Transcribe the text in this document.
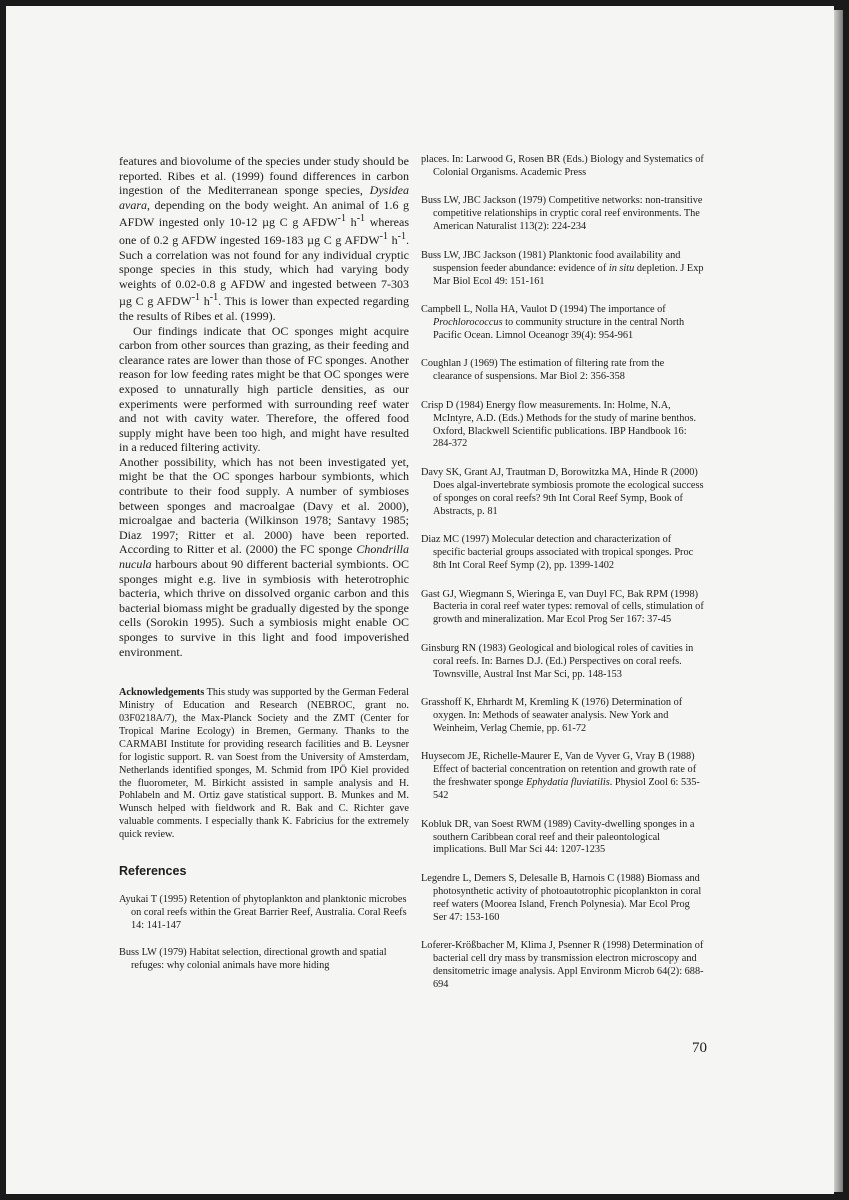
features and biovolume of the species under study should be reported. Ribes et al. (1999) found differences in carbon ingestion of the Mediterranean sponge species, Dysidea avara, depending on the body weight. An animal of 1.6 g AFDW ingested only 10-12 µg C g $AFDW^{-1}$ $h^{-1}$ whereas one of 0.2 g AFDW ingested 169-183 µg C g $AFDW^{-1}$ $h^{-1}$. Such a correlation was not found for any individual cryptic sponge species in this study, which had varying body weights of 0.02-0.8 g AFDW and ingested between 7-303 µg C g $AFDW^{-1}$ $h^{-1}$. This is lower than expected regarding the results of Ribes et al. (1999).

Our findings indicate that OC sponges might acquire carbon from other sources than grazing, as their feeding and clearance rates are lower than those of FC sponges. Another reason for low feeding rates might be that OC sponges were exposed to unnaturally high particle densities, as our experiments were performed with surrounding reef water and not with cavity water. Therefore, the offered food supply might have been too high, and might have resulted in a reduced filtering activity.

Another possibility, which has not been investigated yet, might be that the OC sponges harbour symbionts, which contribute to their food supply. A number of symbioses between sponges and macroalgae (Davy et al. 2000), microalgae and bacteria (Wilkinson 1978; Santavy 1985; Diaz 1997; Ritter et al. 2000) have been reported. According to Ritter et al. (2000) the FC sponge Chondrilla nucula harbours about 90 different bacterial symbionts. OC sponges might e.g. live in symbiosis with heterotrophic bacteria, which thrive on dissolved organic carbon and this bacterial biomass might be gradually digested by the sponge cells (Sorokin 1995). Such a symbiosis might enable OC sponges to survive in this light and food impoverished environment.

Acknowledgements This study was supported by the German Federal Ministry of Education and Research (NEBROC, grant no. 03F0218A/7), the Max-Planck Society and the ZMT (Center for Tropical Marine Ecology) in Bremen, Germany. Thanks to the CARMABI Institute for providing research facilities and B. Leysner for logistic support. R. van Soest from the University of Amsterdam, Netherlands identified sponges, M. Schmid from IPÖ Kiel provided the fluorometer, M. Birkicht assisted in sample analysis and H. Pohlabeln and M. Ortiz gave statistical support. B. Munkes and M. Wunsch helped with fieldwork and R. Bak and C. Richter gave valuable comments. I especially thank K. Fabricius for the extremely quick review.

References

Ayukai T (1995) Retention of phytoplankton and planktonic microbes on coral reefs within the Great Barrier Reef, Australia. Coral Reefs 14: 141-147

Buss LW (1979) Habitat selection, directional growth and spatial refuges: why colonial animals have more hiding

places. In: Larwood G, Rosen BR (Eds.) Biology and Systematics of Colonial Organisms. Academic Press

Buss LW, JBC Jackson (1979) Competitive networks: non-transitive competitive relationships in cryptic coral reef environments. The American Naturalist 113(2): 224-234

Buss LW, JBC Jackson (1981) Planktonic food availability and suspension feeder abundance: evidence of in situ depletion. J Exp Mar Biol Ecol 49: 151-161

Campbell L, Nolla HA, Vaulot D (1994) The importance of Prochlorococcus to community structure in the central North Pacific Ocean. Limnol Oceanogr 39(4): 954-961

Coughlan J (1969) The estimation of filtering rate from the clearance of suspensions. Mar Biol 2: 356-358

Crisp D (1984) Energy flow measurements. In: Holme, N.A, McIntyre, A.D. (Eds.) Methods for the study of marine benthos. Oxford, Blackwell Scientific publications. IBP Handbook 16: 284-372

Davy SK, Grant AJ, Trautman D, Borowitzka MA, Hinde R (2000) Does algal-invertebrate symbiosis promote the ecological success of sponges on coral reefs? 9th Int Coral Reef Symp, Book of Abstracts, p. 81

Diaz MC (1997) Molecular detection and characterization of specific bacterial groups associated with tropical sponges. Proc 8th Int Coral Reef Symp (2), pp. 1399-1402

Gast GJ, Wiegmann S, Wieringa E, van Duyl FC, Bak RPM (1998) Bacteria in coral reef water types: removal of cells, stimulation of growth and mineralization. Mar Ecol Prog Ser 167: 37-45

Ginsburg RN (1983) Geological and biological roles of cavities in coral reefs. In: Barnes D.J. (Ed.) Perspectives on coral reefs. Townsville, Austral Inst Mar Sci, pp. 148-153

Grasshoff K, Ehrhardt M, Kremling K (1976) Determination of oxygen. In: Methods of seawater analysis. New York and Weinheim, Verlag Chemie, pp. 61-72

Huysecom JE, Richelle-Maurer E, Van de Vyver G, Vray B (1988) Effect of bacterial concentration on retention and growth rate of the freshwater sponge Ephydatia fluviatilis. Physiol Zool 6: 535-542

Kobluk DR, van Soest RWM (1989) Cavity-dwelling sponges in a southern Caribbean coral reef and their paleontological implications. Bull Mar Sci 44: 1207-1235

Legendre L, Demers S, Delesalle B, Harnois C (1988) Biomass and photosynthetic activity of photoautotrophic picoplankton in coral reef waters (Moorea Island, French Polynesia). Mar Ecol Prog Ser 47: 153-160

Loferer-Krößbacher M, Klima J, Psenner R (1998) Determination of bacterial cell dry mass by transmission electron microscopy and densitometric image analysis. Appl Environm Microb 64(2): 688-694

70
